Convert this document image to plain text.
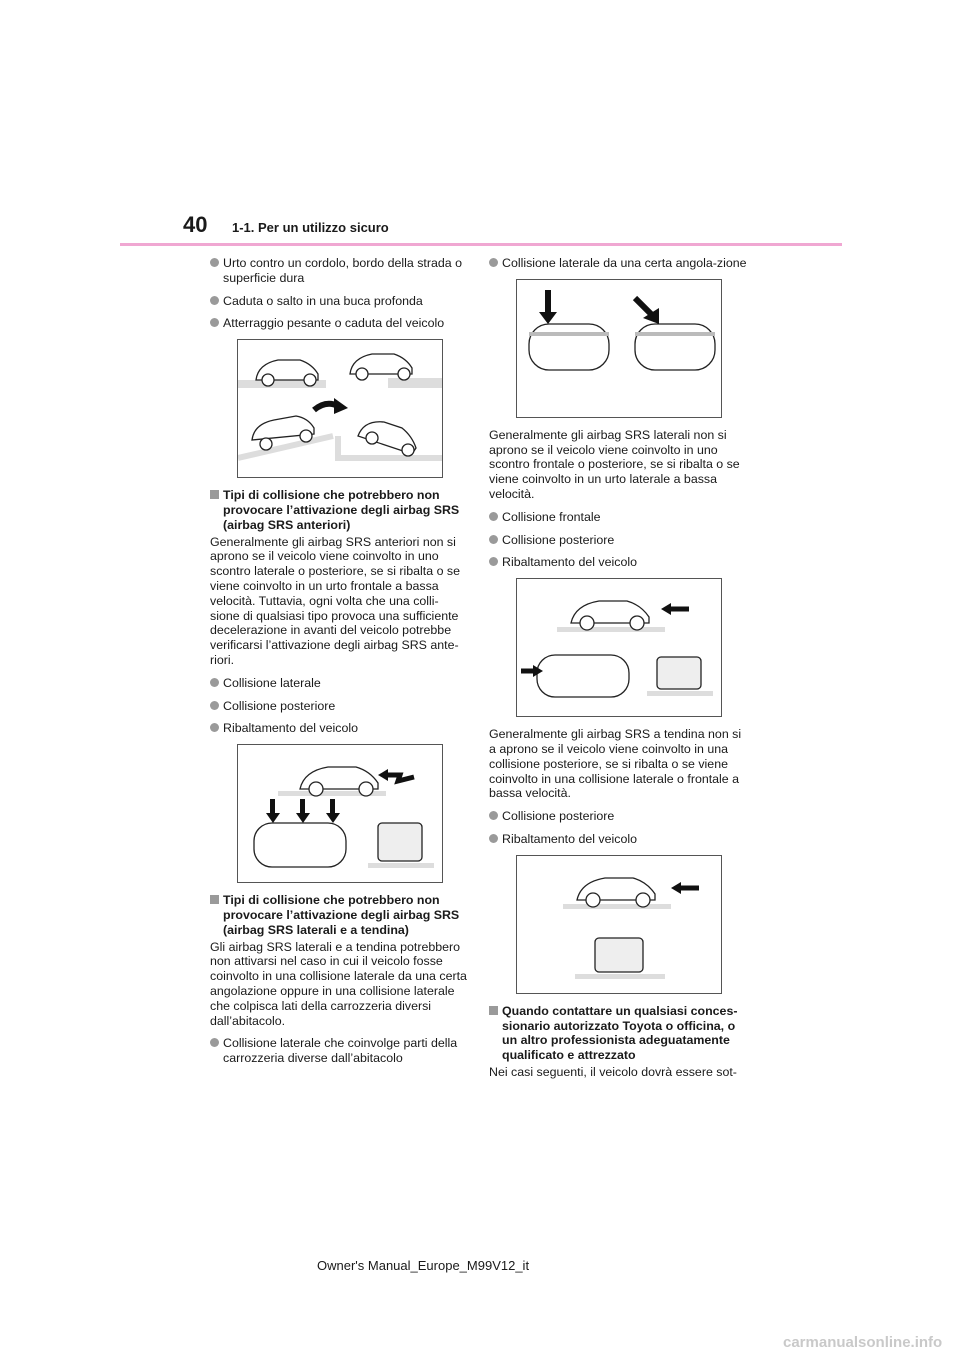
40 1-1. Per un utilizzo sicuro
Urto contro un cordolo, bordo della strada o superficie dura
Caduta o salto in una buca profonda
Atterraggio pesante o caduta del veicolo
Tipi di collisione che potrebbero non provocare l’attivazione degli airbag SRS (airbag SRS anteriori)

Generalmente gli airbag SRS anteriori non si aprono se il veicolo viene coinvolto in uno scontro laterale o posteriore, se si ribalta o se viene coinvolto in un urto frontale a bassa velocità. Tuttavia, ogni volta che una colli-sione di qualsiasi tipo provoca una sufficiente decelerazione in avanti del veicolo potrebbe verificarsi l’attivazione degli airbag SRS ante-riori.

Collisione laterale
Collisione posteriore
Ribaltamento del veicolo
Tipi di collisione che potrebbero non provocare l’attivazione degli airbag SRS (airbag SRS laterali e a tendina)

Gli airbag SRS laterali e a tendina potrebbero non attivarsi nel caso in cui il veicolo fosse coinvolto in una collisione laterale da una certa angolazione oppure in una collisione laterale che colpisca lati della carrozzeria diversi dall’abitacolo.

Collisione laterale che coinvolge parti della carrozzeria diverse dall’abitacolo
Collisione laterale da una certa angola-zione

Generalmente gli airbag SRS laterali non si aprono se il veicolo viene coinvolto in uno scontro frontale o posteriore, se si ribalta o se viene coinvolto in un urto laterale a bassa velocità.

Collisione frontale
Collisione posteriore
Ribaltamento del veicolo

Generalmente gli airbag SRS a tendina non si a aprono se il veicolo viene coinvolto in una collisione posteriore, se si ribalta o se viene coinvolto in una collisione laterale o frontale a bassa velocità.

Collisione posteriore
Ribaltamento del veicolo
Quando contattare un qualsiasi conces-sionario autorizzato Toyota o officina, o un altro professionista adeguatamente qualificato e attrezzato

Nei casi seguenti, il veicolo dovrà essere sot-

Owner's Manual_Europe_M99V12_it
carmanualsonline.info
